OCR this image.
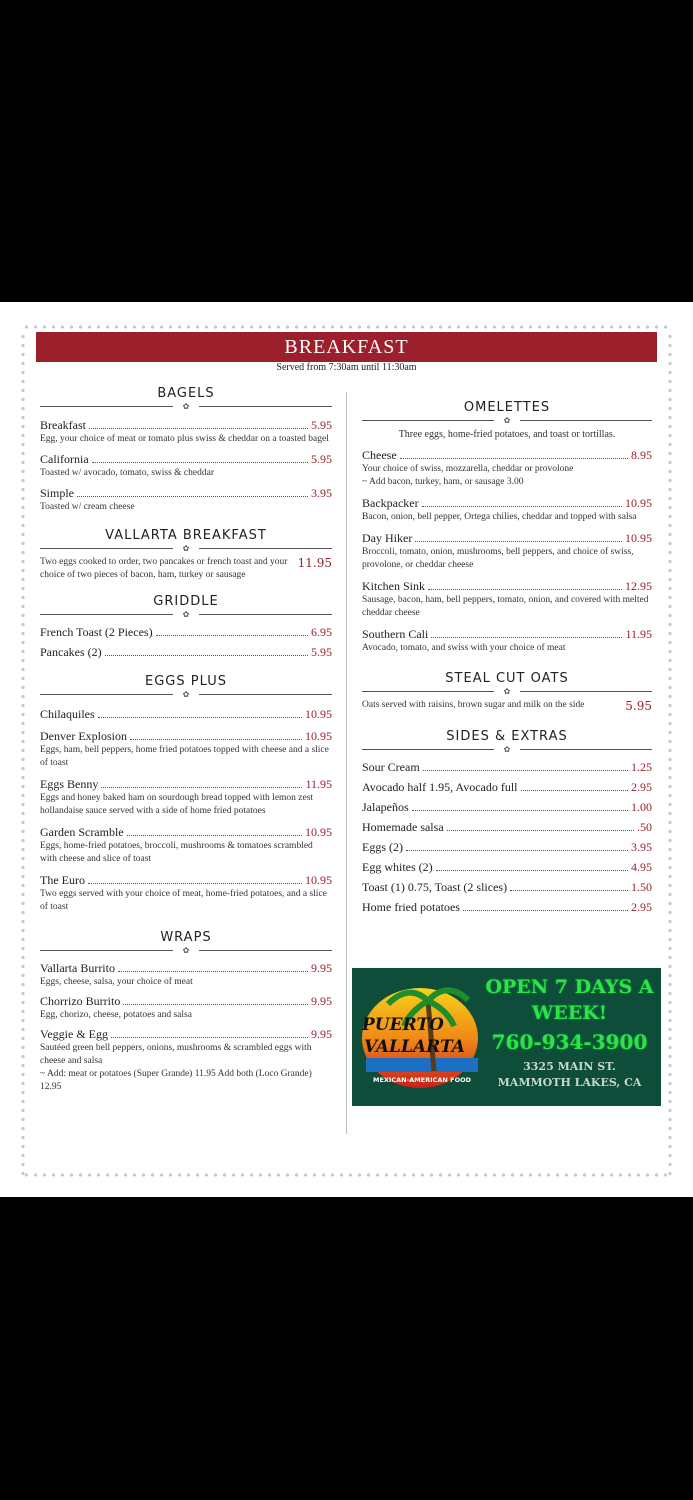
BREAKFAST
Served from 7:30am until 11:30am
BAGELS
✿
Breakfast	5.95
Egg, your choice of meat or tomato plus swiss & cheddar on a toasted bagel
California	5.95
Toasted w/ avocado, tomato, swiss & cheddar
Simple	3.95
Toasted w/ cream cheese
VALLARTA BREAKFAST
✿
Two eggs cooked to order, two pancakes or french toast and your choice of two pieces of bacon, ham, turkey or sausage
11.95
GRIDDLE
✿
French Toast (2 Pieces)	6.95
Pancakes (2)	5.95
EGGS PLUS
✿
Chilaquiles	10.95
Denver Explosion	10.95
Eggs, ham, bell peppers, home fried potatoes topped with cheese and a slice of toast
Eggs Benny	11.95
Eggs and honey baked ham on sourdough bread topped with lemon zest hollandaise sauce served with a side of home fried potatoes
Garden Scramble	10.95
Eggs, home-fried potatoes, broccoli, mushrooms & tomatoes scrambled with cheese and slice of toast
The Euro	10.95
Two eggs served with your choice of meat, home-fried potatoes, and a slice of toast
WRAPS
✿
Vallarta Burrito	9.95
Eggs, cheese, salsa, your choice of meat
Chorrizo Burrito	9.95
Egg, chorizo, cheese, potatoes and salsa
Veggie & Egg	9.95
Sautéed green bell peppers, onions, mushrooms & scrambled eggs with cheese and salsa
~ Add: meat or potatoes (Super Grande) 11.95 Add both (Loco Grande) 12.95
OMELETTES
✿
Three eggs, home-fried potatoes, and toast or tortillas.
Cheese	8.95
Your choice of swiss, mozzarella, cheddar or provolone
~ Add bacon, turkey, ham, or sausage 3.00
Backpacker	10.95
Bacon, onion, bell pepper, Ortega chilies, cheddar and topped with salsa
Day Hiker	10.95
Broccoli, tomato, onion, mushrooms, bell peppers, and choice of swiss, provolone, or cheddar cheese
Kitchen Sink	12.95
Sausage, bacon, ham, bell peppers, tomato, onion, and covered with melted cheddar cheese
Southern Cali	11.95
Avocado, tomato, and swiss with your choice of meat
STEAL CUT OATS
✿
Oats served with raisins, brown sugar and milk on the side	5.95
SIDES & EXTRAS
✿
Sour Cream	1.25
Avocado half 1.95, Avocado full	2.95
Jalapeños	1.00
Homemade salsa	.50
Eggs (2)	3.95
Egg whites (2)	4.95
Toast (1) 0.75, Toast (2 slices)	1.50
Home fried potatoes	2.95
PUERTO
VALLARTA
MEXICAN-AMERICAN FOOD
OPEN 7 DAYS A
WEEK!
760-934-3900
3325 MAIN ST.
MAMMOTH LAKES, CA
